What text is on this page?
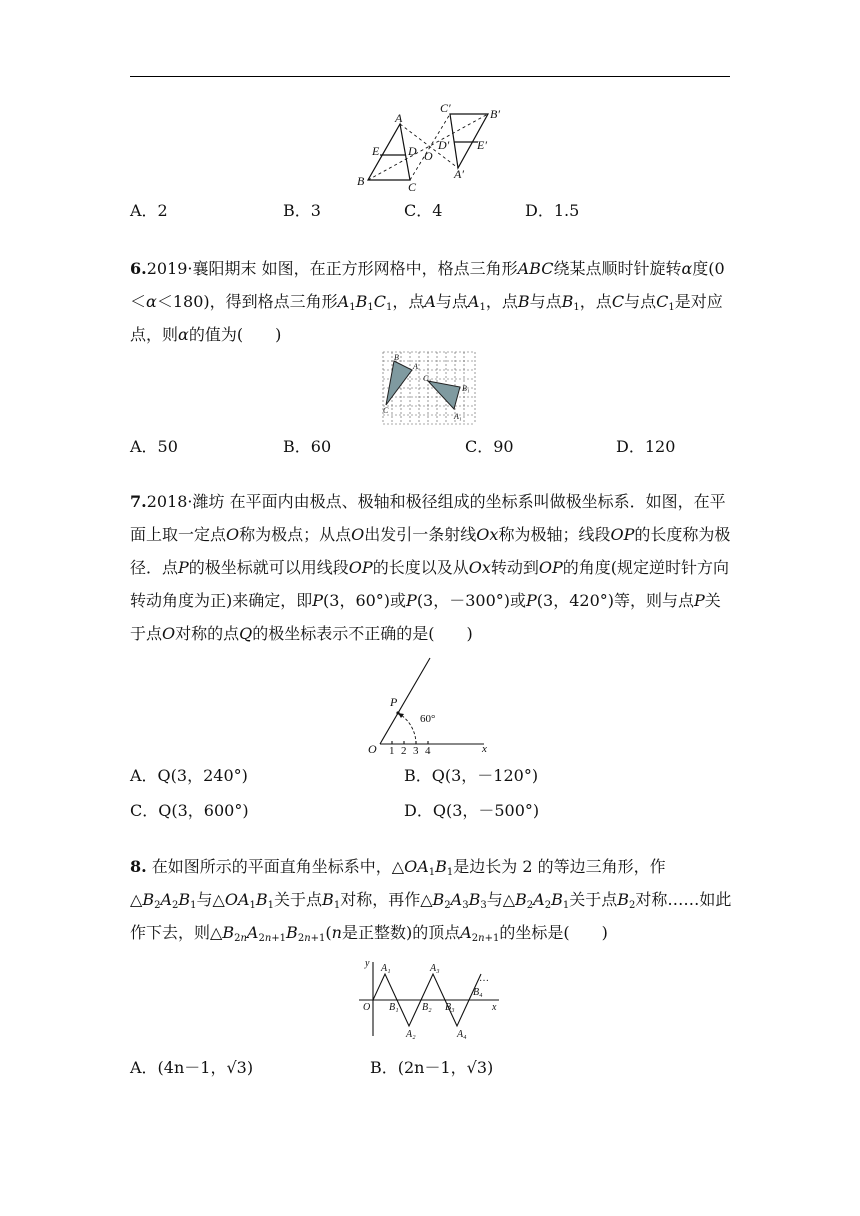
A
E D
B	C
O
C′	B′
D′ E′
A′
A．2	B．3	C．4	D．1.5
6.2019·襄阳期末 如图，在正方形网格中，格点三角形ABC绕某点顺时针旋转α度(0＜α＜180)，得到格点三角形$A_1B_1C_1$，点A与点$A_1$，点B与点$B_1$，点C与点$C_1$是对应点，则α的值为(　　)
B
A
C
C₁
B₁
A₁
A．50	B．60	C．90	D．120
7.2018·潍坊 在平面内由极点、极轴和极径组成的坐标系叫做极坐标系．如图，在平面上取一定点O称为极点；从点O出发引一条射线Ox称为极轴；线段OP的长度称为极径．点P的极坐标就可以用线段OP的长度以及从Ox转动到OP的角度(规定逆时针方向转动角度为正)来确定，即P(3，60°)或P(3，－300°)或P(3，420°)等，则与点P关于点O对称的点Q的极坐标表示不正确的是(　　)
P
60°
O 1 2 3 4	x
A．Q(3，240°)	B．Q(3，－120°)
C．Q(3，600°)	D．Q(3，－500°)
8. 在如图所示的平面直角坐标系中，$\triangle OA_1B_1$是边长为 2 的等边三角形，作$\triangle B_2A_2B_1$与$\triangle OA_1B_1$关于点$B_1$对称，再作$\triangle B_2A_3B_3$与$\triangle B_2A_2B_1$关于点$B_2$对称……如此作下去，则$\triangle B_{2n}A_{2n+1}B_{2n+1}(n$是正整数)的顶点$A_{2n+1}$的坐标是(　　)
y A₁	A₃
…
B₄
O B₁ B₂ B₃
A₂	A₄
x
A．(4n－1，√3)	B．(2n－1，√3)
